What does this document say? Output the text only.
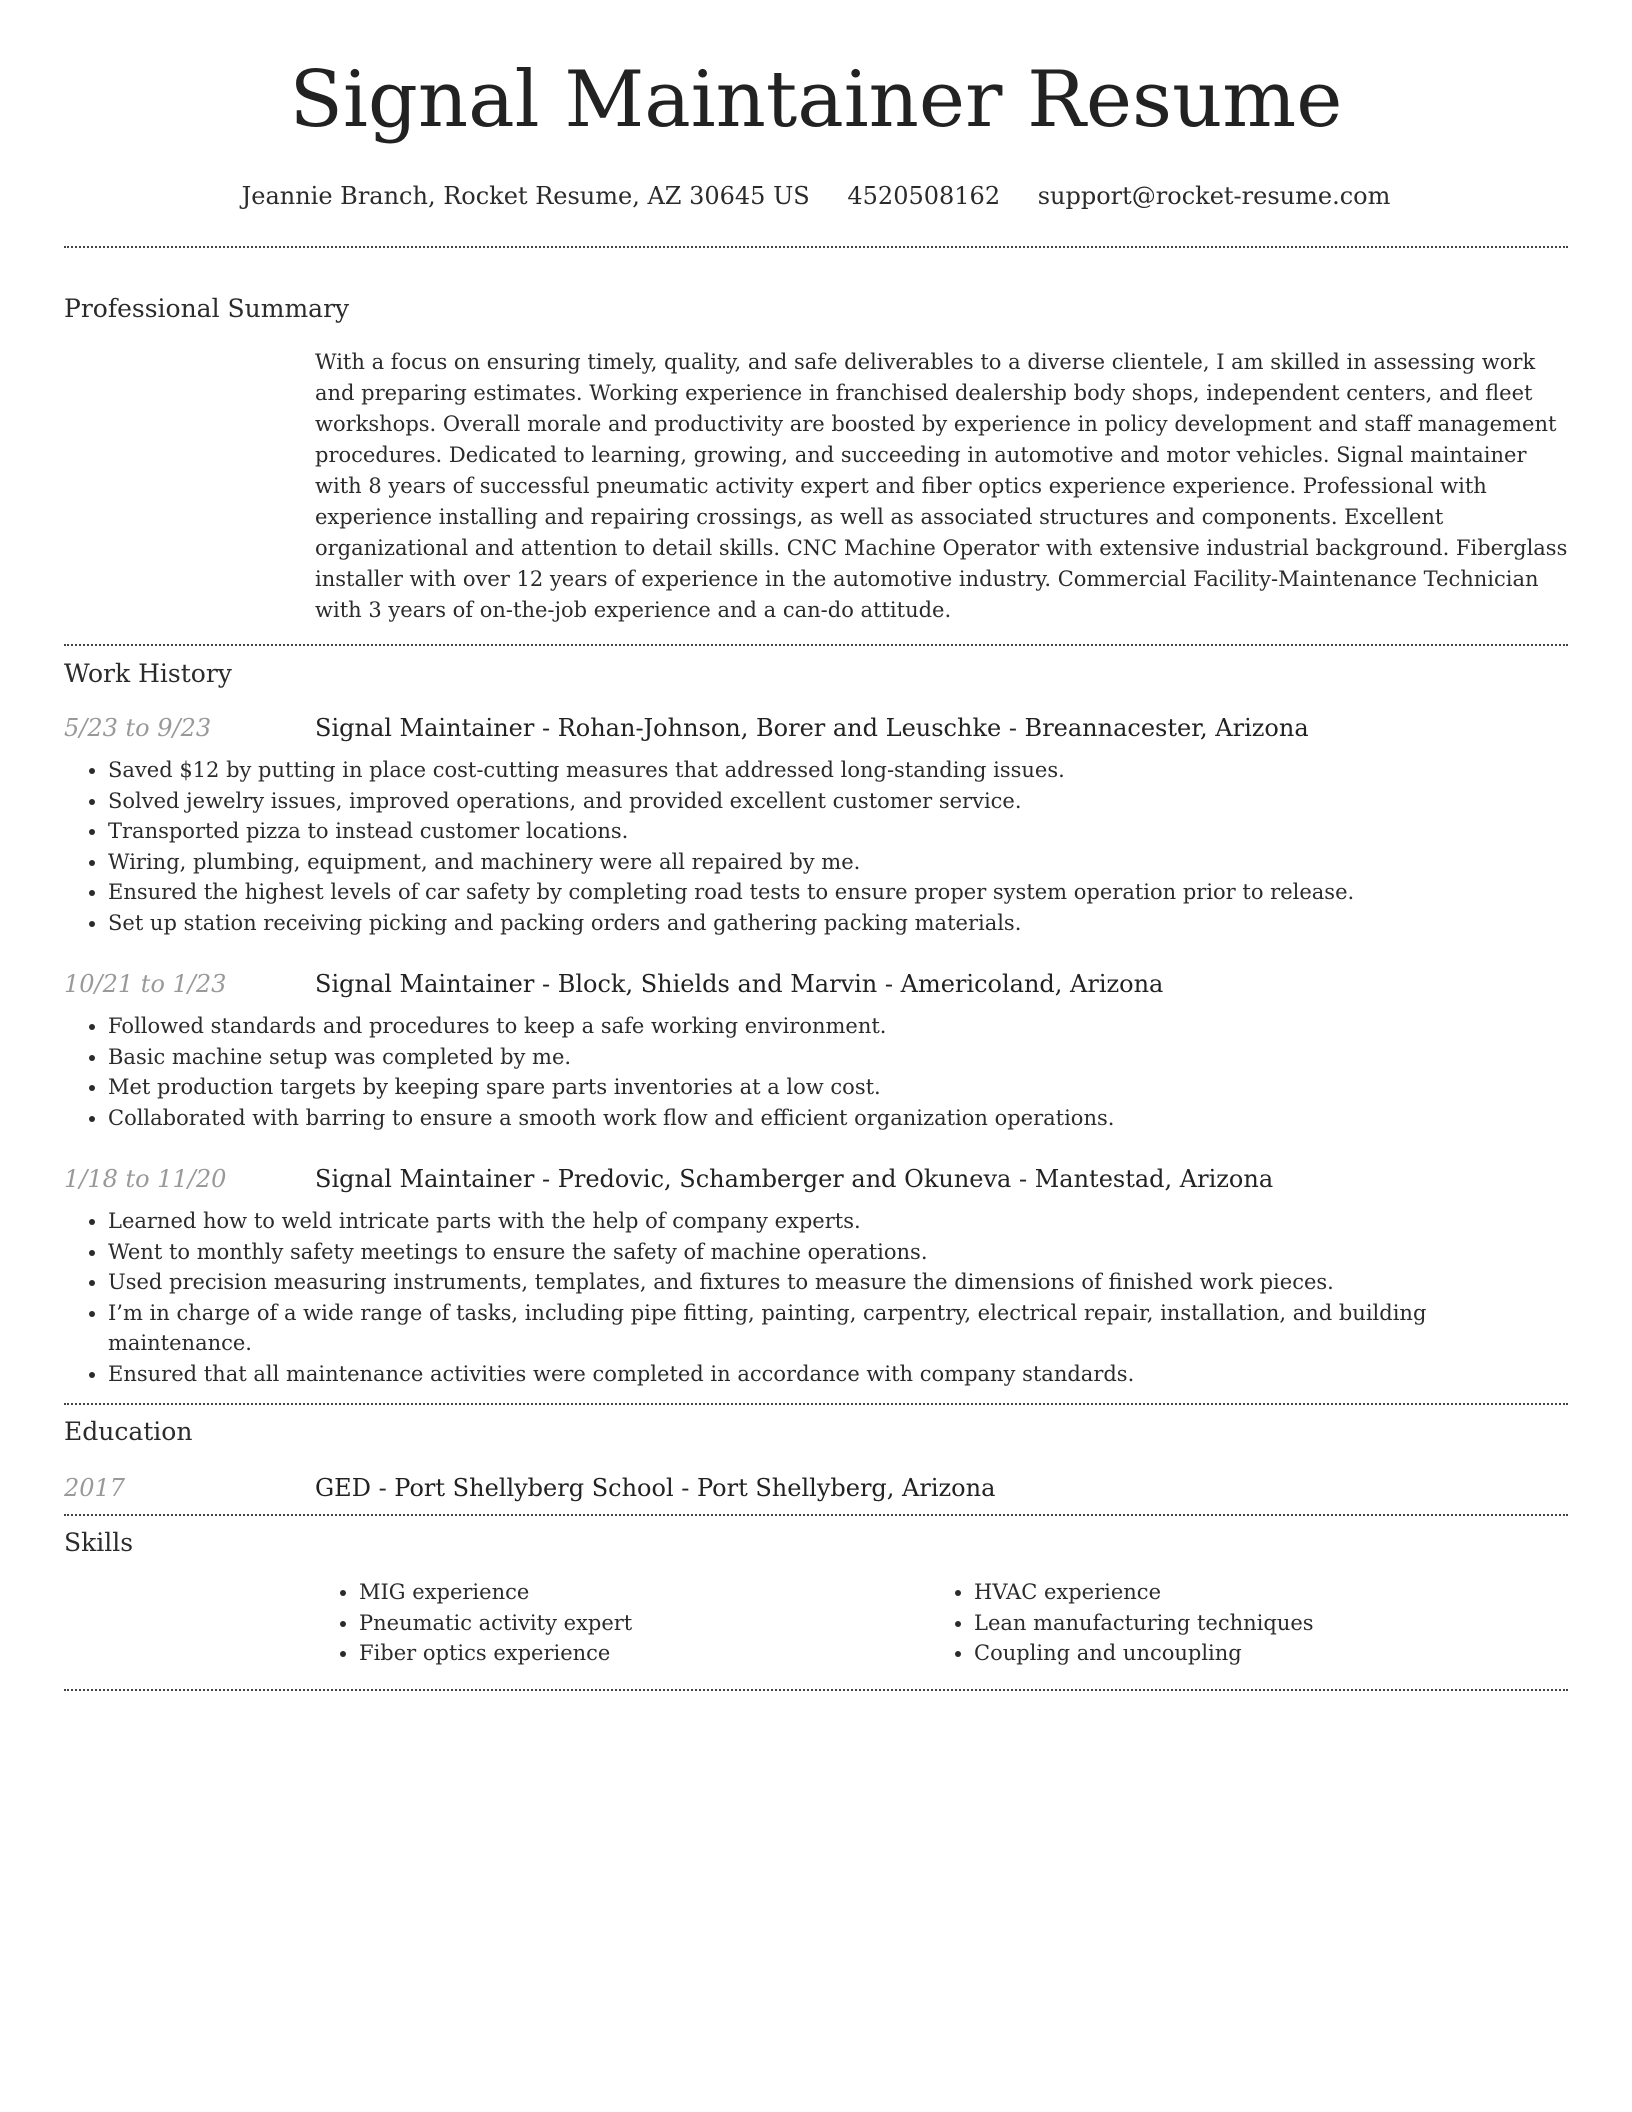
Signal Maintainer Resume
Jeannie Branch, Rocket Resume, AZ 30645 US 4520508162 support@rocket-resume.com
Professional Summary
With a focus on ensuring timely, quality, and safe deliverables to a diverse clientele, I am skilled in assessing work and preparing estimates. Working experience in franchised dealership body shops, independent centers, and fleet workshops. Overall morale and productivity are boosted by experience in policy development and staff management procedures. Dedicated to learning, growing, and succeeding in automotive and motor vehicles. Signal maintainer with 8 years of successful pneumatic activity expert and fiber optics experience experience. Professional with experience installing and repairing crossings, as well as associated structures and components. Excellent organizational and attention to detail skills. CNC Machine Operator with extensive industrial background. Fiberglass installer with over 12 years of experience in the automotive industry. Commercial Facility-Maintenance Technician with 3 years of on-the-job experience and a can-do attitude.
Work History
5/23 to 9/23	Signal Maintainer - Rohan-Johnson, Borer and Leuschke - Breannacester, Arizona
• Saved $12 by putting in place cost-cutting measures that addressed long-standing issues.
• Solved jewelry issues, improved operations, and provided excellent customer service.
• Transported pizza to instead customer locations.
• Wiring, plumbing, equipment, and machinery were all repaired by me.
• Ensured the highest levels of car safety by completing road tests to ensure proper system operation prior to release.
• Set up station receiving picking and packing orders and gathering packing materials.
10/21 to 1/23	Signal Maintainer - Block, Shields and Marvin - Americoland, Arizona
• Followed standards and procedures to keep a safe working environment.
• Basic machine setup was completed by me.
• Met production targets by keeping spare parts inventories at a low cost.
• Collaborated with barring to ensure a smooth work flow and efficient organization operations.
1/18 to 11/20	Signal Maintainer - Predovic, Schamberger and Okuneva - Mantestad, Arizona
• Learned how to weld intricate parts with the help of company experts.
• Went to monthly safety meetings to ensure the safety of machine operations.
• Used precision measuring instruments, templates, and fixtures to measure the dimensions of finished work pieces.
• I’m in charge of a wide range of tasks, including pipe fitting, painting, carpentry, electrical repair, installation, and building maintenance.
• Ensured that all maintenance activities were completed in accordance with company standards.
Education
2017	GED - Port Shellyberg School - Port Shellyberg, Arizona
Skills
• MIG experience
• Pneumatic activity expert
• Fiber optics experience
• HVAC experience
• Lean manufacturing techniques
• Coupling and uncoupling
